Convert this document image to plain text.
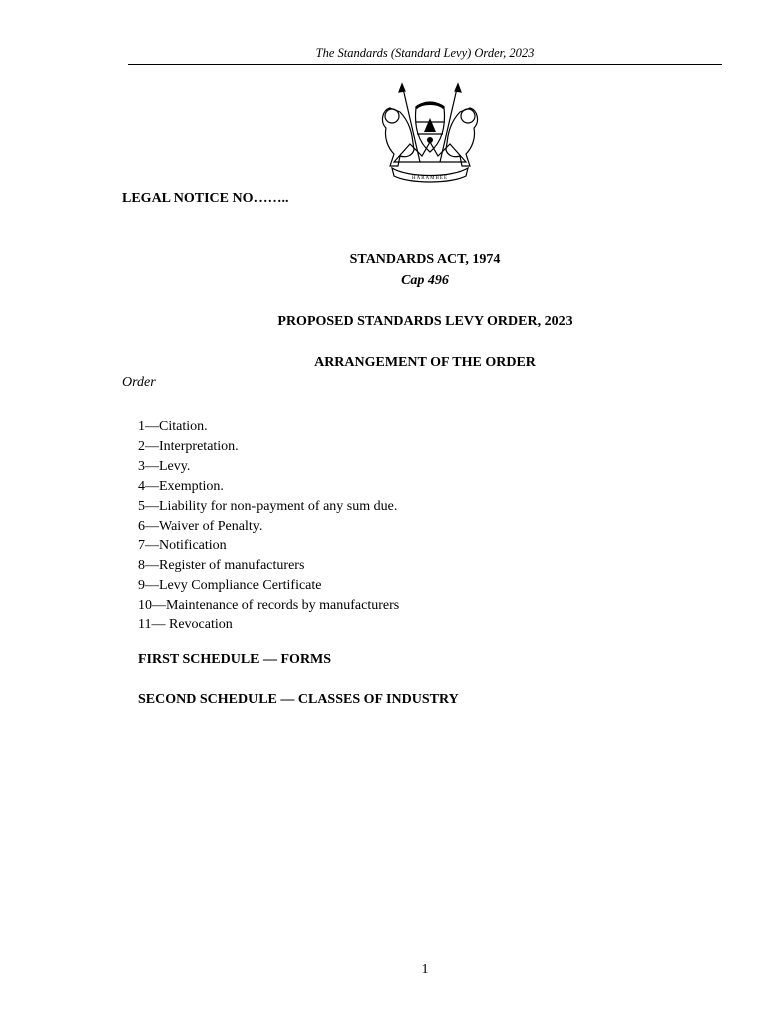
The Standards (Standard Levy) Order, 2023
HARAMBEE
LEGAL NOTICE NO……..
STANDARDS ACT, 1974
Cap 496
PROPOSED STANDARDS LEVY ORDER, 2023
ARRANGEMENT OF THE ORDER
Order
1—Citation.
2—Interpretation.
3—Levy.
4—Exemption.
5—Liability for non-payment of any sum due.
6—Waiver of Penalty.
7—Notification
8—Register of manufacturers
9—Levy Compliance Certificate
10—Maintenance of records by manufacturers
11— Revocation
FIRST SCHEDULE — FORMS
SECOND SCHEDULE — CLASSES OF INDUSTRY
1
